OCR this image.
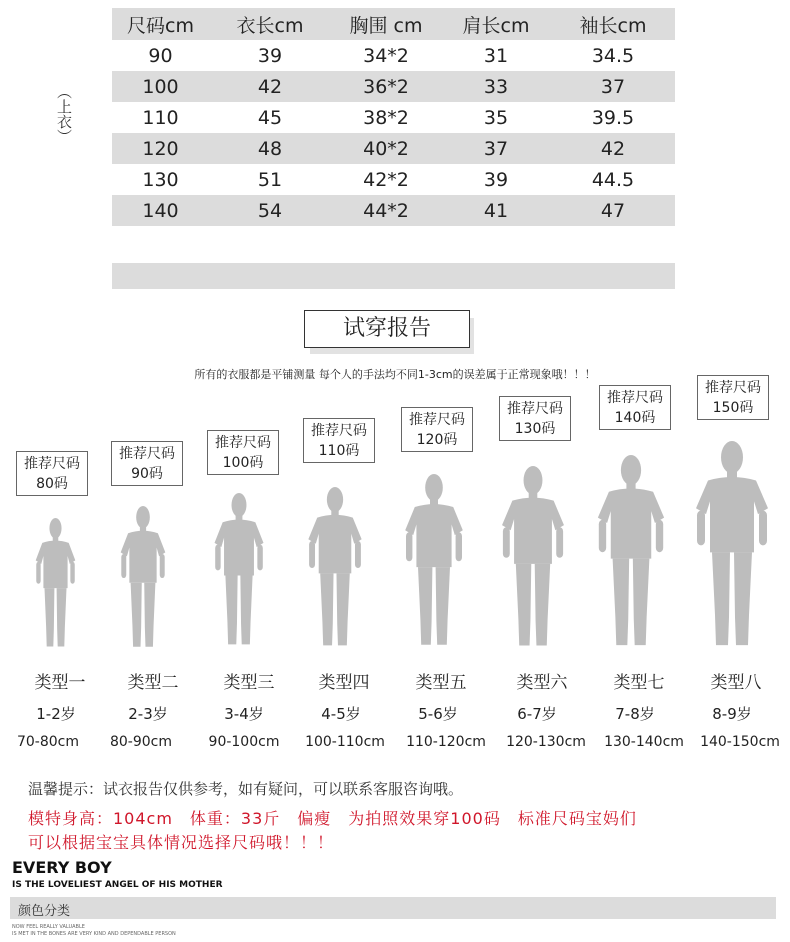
尺码cm	衣长cm	胸围 cm	肩长cm	袖长cm
90	39	34*2	31	34.5
100	42	36*2	33	37
110	45	38*2	35	39.5
120	48	40*2	37	42
130	51	42*2	39	44.5
140	54	44*2	41	47
（上衣）
试穿报告
所有的衣服都是平铺测量 每个人的手法均不同1-3cm的误差属于正常现象哦！！！
推荐尺码
80码
推荐尺码
90码
推荐尺码
100码
推荐尺码
110码
推荐尺码
120码
推荐尺码
130码
推荐尺码
140码
推荐尺码
150码
类型一	类型二	类型三	类型四	类型五	类型六	类型七	类型八
1-2岁	2-3岁	3-4岁	4-5岁	5-6岁	6-7岁	7-8岁	8-9岁
70-80cm	80-90cm	90-100cm	100-110cm	110-120cm	120-130cm	130-140cm	140-150cm
温馨提示：试衣报告仅供参考，如有疑问，可以联系客服咨询哦。
模特身高：104cm　体重：33斤　偏瘦　为拍照效果穿100码　标准尺码宝妈们
可以根据宝宝具体情况选择尺码哦！！！
EVERY BOY
IS THE LOVELIEST ANGEL OF HIS MOTHER
颜色分类
NOW FEEL REALLY VALUABLE
IS MET IN THE BONES ARE VERY KIND AND DEPENDABLE PERSON
